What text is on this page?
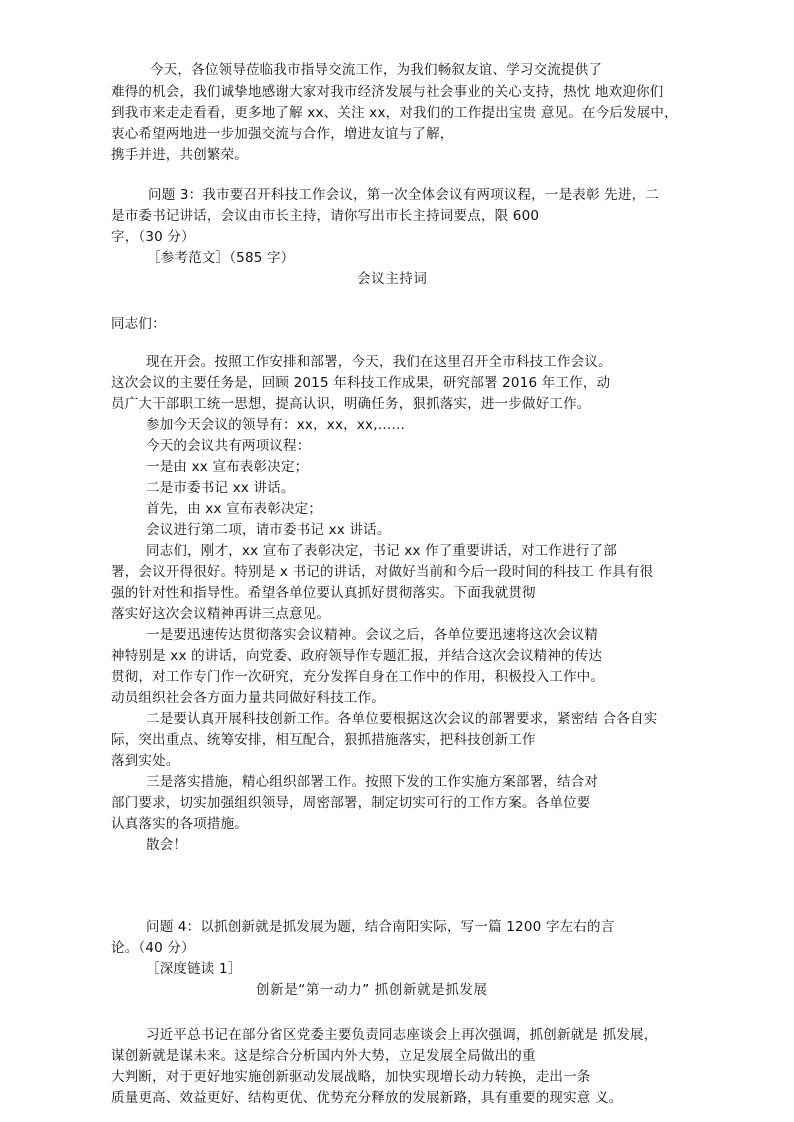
今天，各位领导莅临我市指导交流工作，为我们畅叙友谊、学习交流提供了

难得的机会，我们诚挚地感谢大家对我市经济发展与社会事业的关心支持，热忱 地欢迎你们

到我市来走走看看，更多地了解 xx、关注 xx，对我们的工作提出宝贵 意见。在今后发展中，

衷心希望两地进一步加强交流与合作，增进友谊与了解，

携手并进，共创繁荣。

问题 3：我市要召开科技工作会议，第一次全体会议有两项议程，一是表彰 先进，二

是市委书记讲话，会议由市长主持，请你写出市长主持词要点，限 600

字，（30 分）

［参考范文］（585 字）

会议主持词

同志们：

现在开会。按照工作安排和部署，今天，我们在这里召开全市科技工作会议。

这次会议的主要任务是，回顾 2015 年科技工作成果，研究部署 2016 年工作，动

员广大干部职工统一思想，提高认识，明确任务，狠抓落实，进一步做好工作。

参加今天会议的领导有：xx，xx，xx,……

今天的会议共有两项议程：

一是由 xx 宣布表彰决定；

二是市委书记 xx 讲话。

首先，由 xx 宣布表彰决定；

会议进行第二项，请市委书记 xx 讲话。

同志们，刚才，xx 宣布了表彰决定，书记 xx 作了重要讲话，对工作进行了部

署，会议开得很好。特别是 x 书记的讲话，对做好当前和今后一段时间的科技工 作具有很

强的针对性和指导性。希望各单位要认真抓好贯彻落实。下面我就贯彻

落实好这次会议精神再讲三点意见。

一是要迅速传达贯彻落实会议精神。会议之后，各单位要迅速将这次会议精

神特别是 xx 的讲话，向党委、政府领导作专题汇报，并结合这次会议精神的传达

贯彻，对工作专门作一次研究，充分发挥自身在工作中的作用，积极投入工作中。

动员组织社会各方面力量共同做好科技工作。

二是要认真开展科技创新工作。各单位要根据这次会议的部署要求，紧密结 合各自实

际，突出重点、统筹安排，相互配合，狠抓措施落实，把科技创新工作

落到实处。

三是落实措施，精心组织部署工作。按照下发的工作实施方案部署，结合对

部门要求，切实加强组织领导，周密部署，制定切实可行的工作方案。各单位要

认真落实的各项措施。

散会！

问题 4：以抓创新就是抓发展为题，结合南阳实际，写一篇 1200 字左右的言

论。（40 分）

［深度链读 1］

创新是“第一动力” 抓创新就是抓发展

习近平总书记在部分省区党委主要负责同志座谈会上再次强调，抓创新就是 抓发展，

谋创新就是谋未来。这是综合分析国内外大势，立足发展全局做出的重

大判断，对于更好地实施创新驱动发展战略，加快实现增长动力转换，走出一条

质量更高、效益更好、结构更优、优势充分释放的发展新路，具有重要的现实意 义。
